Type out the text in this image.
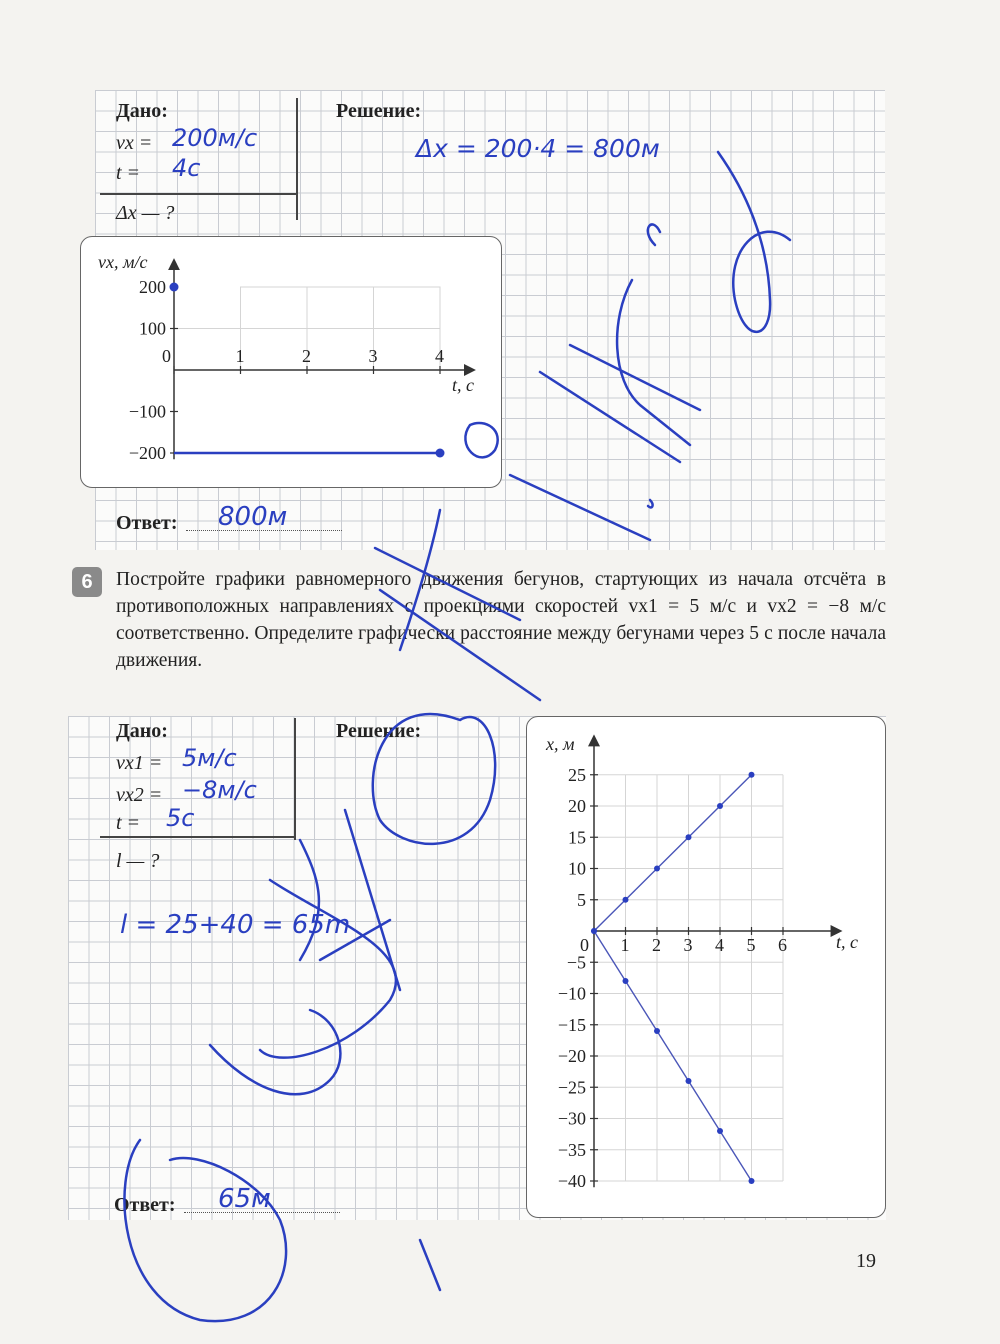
Дано:	Решение:
vx = 200м/с
t = 4с
Δx — ?
Δx = 200·4 = 800м
0	1	2	3	4
200
100
−100
−200
vx, м/с
t, с
Ответ: 800м
6	Постройте графики равномерного движения бегунов, стартующих из начала отсчёта в противоположных направлениях с проекциями скоростей vx1 = 5 м/с и vx2 = −8 м/с соответственно. Определите графически расстояние между бегунами через 5 с после начала движения.
Дано:	Решение:
vx1 = 5м/с
vx2 = −8м/с
t = 5с
l — ?
l = 25+40 = 65m
0 1 2 3 4 5 6
25
20
15
10
5
−5
−10
−15
−20
−25
−30
−35
−40
x, м
t, с
Ответ: 65м
19
